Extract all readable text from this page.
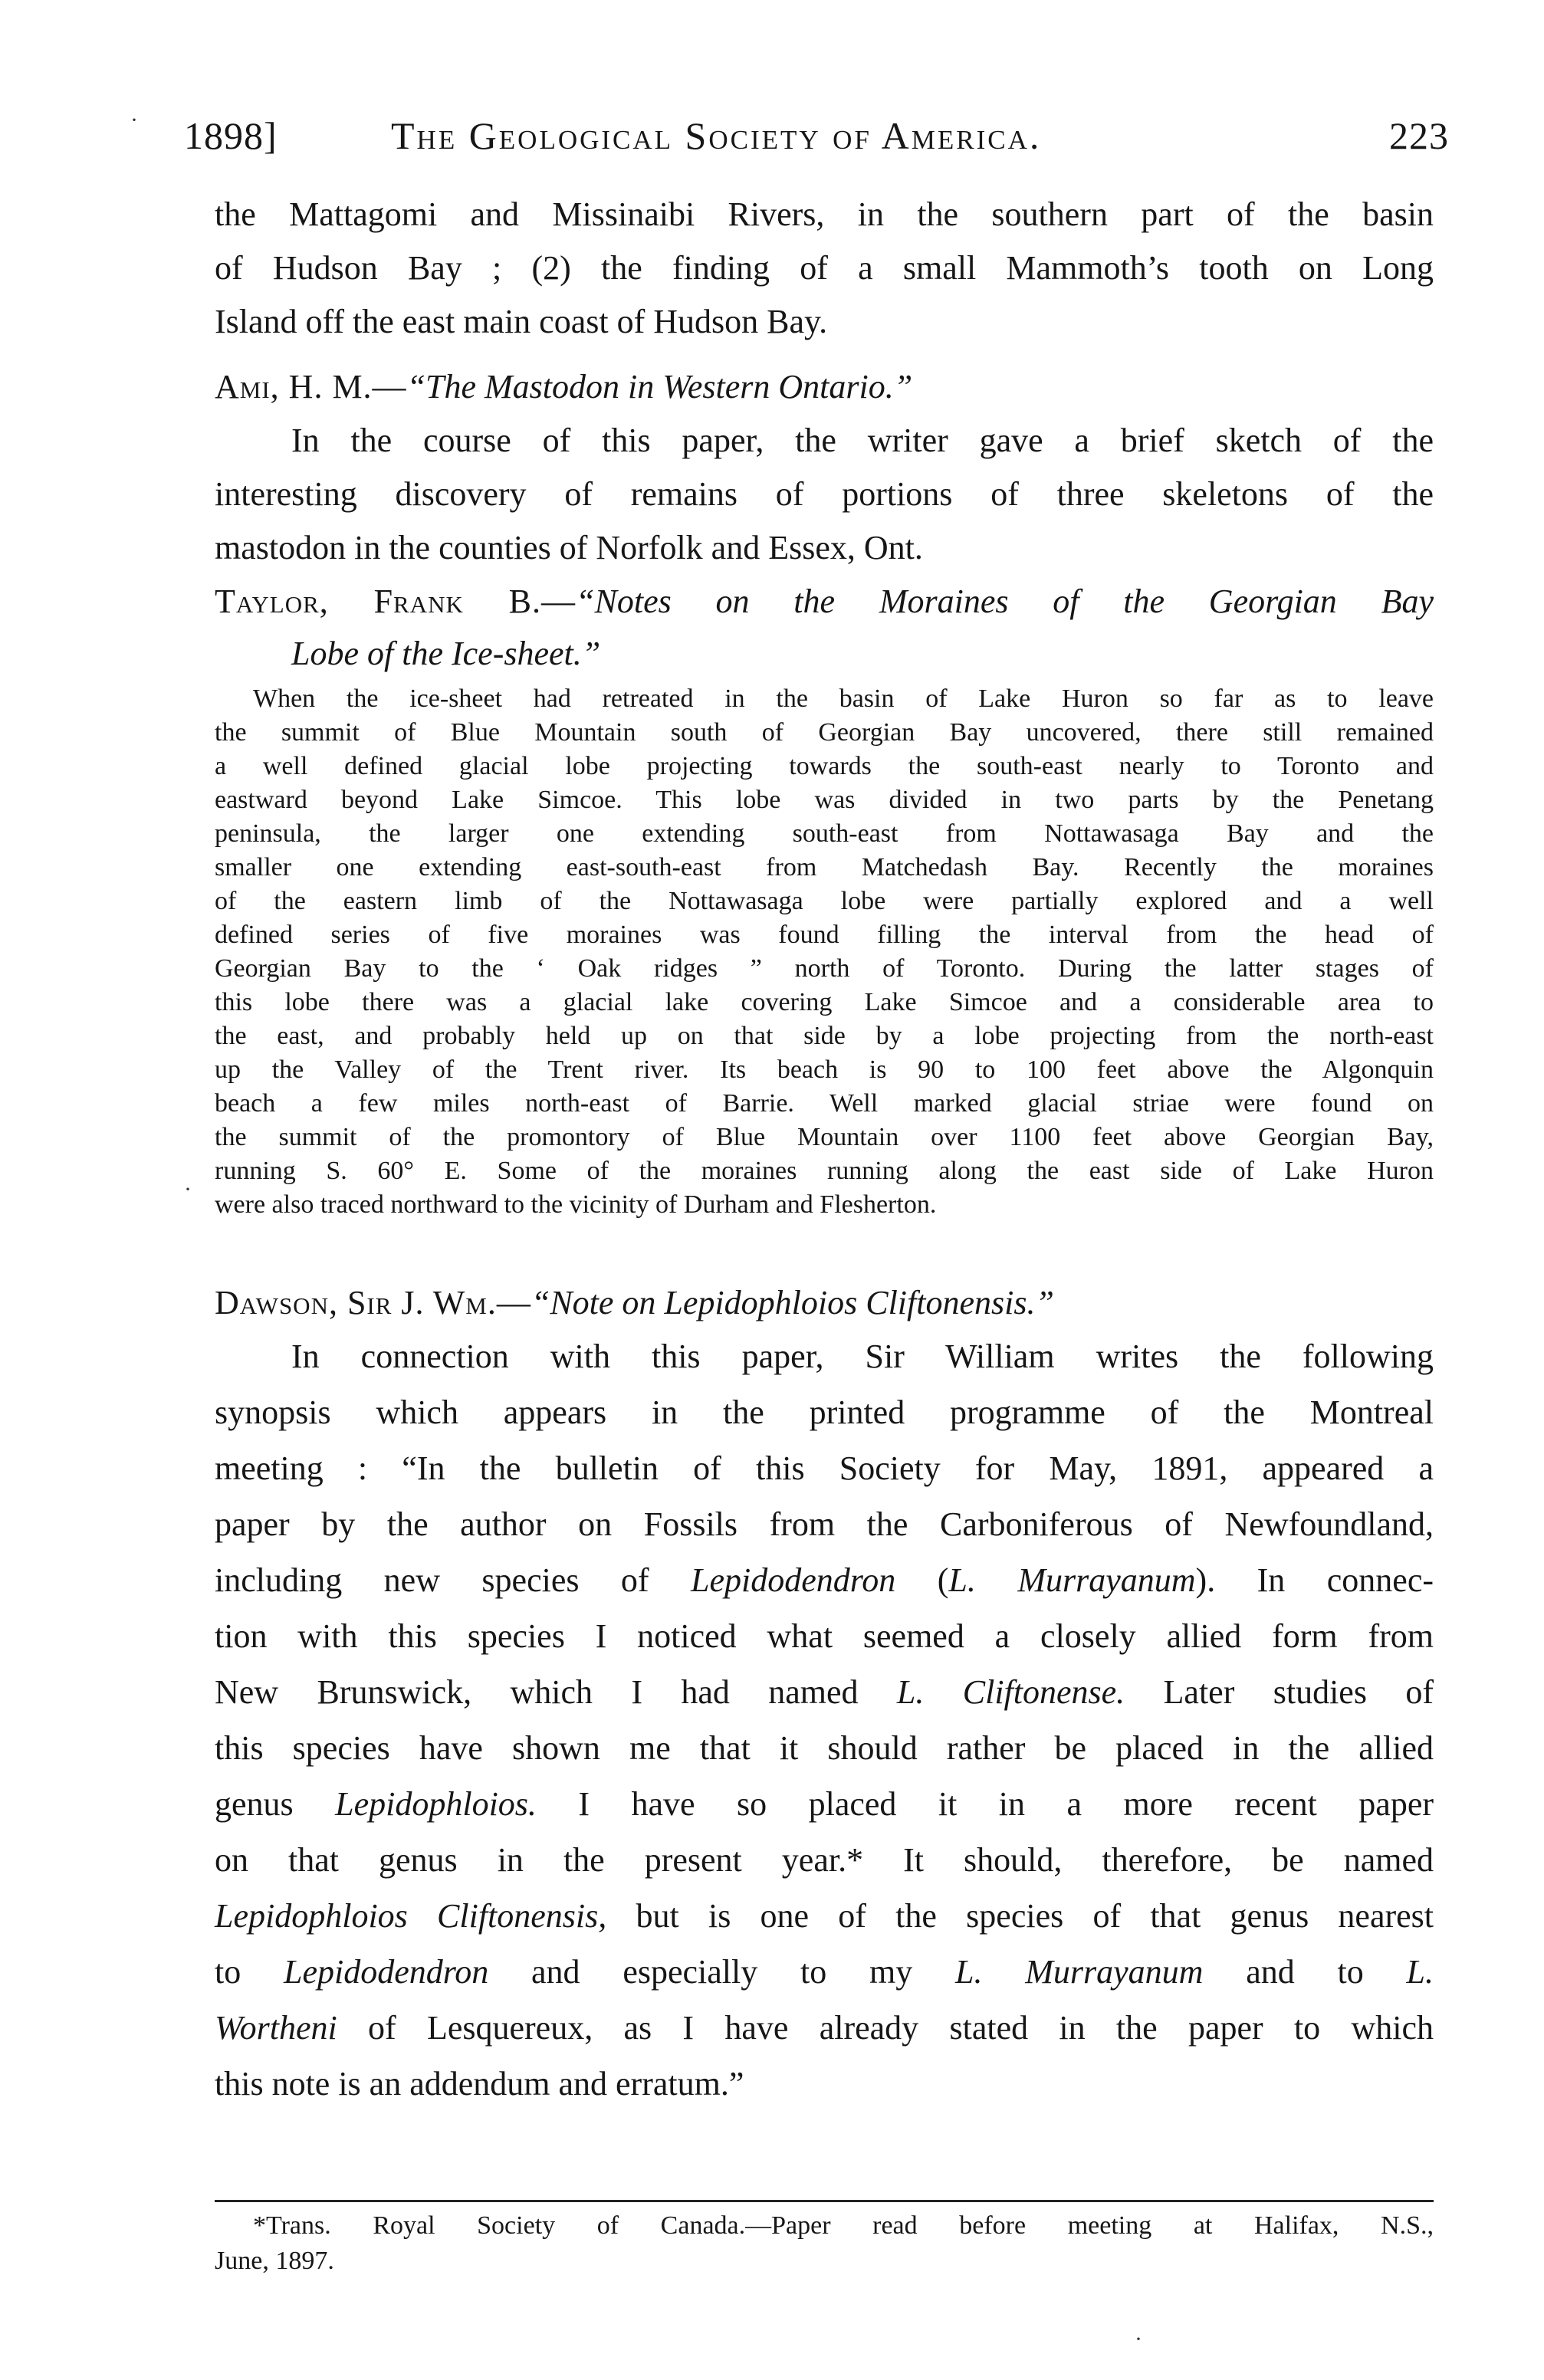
1898]	The Geological Society of America.	223
the Mattagomi and Missinaibi Rivers, in the southern part of the basin
of Hudson Bay ; (2) the finding of a small Mammoth’s tooth on Long
Island off the east main coast of Hudson Bay.
Ami, H. M.—“The Mastodon in Western Ontario.”
In the course of this paper, the writer gave a brief sketch of the
interesting discovery of remains of portions of three skeletons of the
mastodon in the counties of Norfolk and Essex, Ont.
Taylor, Frank B.—“Notes on the Moraines of the Georgian Bay
Lobe of the Ice-sheet.”
When the ice-sheet had retreated in the basin of Lake Huron so far as to leave
the summit of Blue Mountain south of Georgian Bay uncovered, there still remained
a well defined glacial lobe projecting towards the south-east nearly to Toronto and
eastward beyond Lake Simcoe. This lobe was divided in two parts by the Penetang
peninsula, the larger one extending south-east from Nottawasaga Bay and the
smaller one extending east-south-east from Matchedash Bay. Recently the moraines
of the eastern limb of the Nottawasaga lobe were partially explored and a well
defined series of five moraines was found filling the interval from the head of
Georgian Bay to the ‘ Oak ridges ” north of Toronto. During the latter stages of
this lobe there was a glacial lake covering Lake Simcoe and a considerable area to
the east, and probably held up on that side by a lobe projecting from the north-east
up the Valley of the Trent river. Its beach is 90 to 100 feet above the Algonquin
beach a few miles north-east of Barrie. Well marked glacial striae were found on
the summit of the promontory of Blue Mountain over 1100 feet above Georgian Bay,
running S. 60° E. Some of the moraines running along the east side of Lake Huron
were also traced northward to the vicinity of Durham and Flesherton.
Dawson, Sir J. Wm.—“Note on Lepidophloios Cliftonensis.”
In connection with this paper, Sir William writes the following
synopsis which appears in the printed programme of the Montreal
meeting : “In the bulletin of this Society for May, 1891, appeared a
paper by the author on Fossils from the Carboniferous of Newfoundland,
including new species of Lepidodendron (L. Murrayanum). In connec-
tion with this species I noticed what seemed a closely allied form from
New Brunswick, which I had named L. Cliftonense. Later studies of
this species have shown me that it should rather be placed in the allied
genus Lepidophloios. I have so placed it in a more recent paper
on that genus in the present year.* It should, therefore, be named
Lepidophloios Cliftonensis, but is one of the species of that genus nearest
to Lepidodendron and especially to my L. Murrayanum and to L.
Wortheni of Lesquereux, as I have already stated in the paper to which
this note is an addendum and erratum.”
*Trans. Royal Society of Canada.—Paper read before meeting at Halifax, N.S.,
June, 1897.
·
·
·
